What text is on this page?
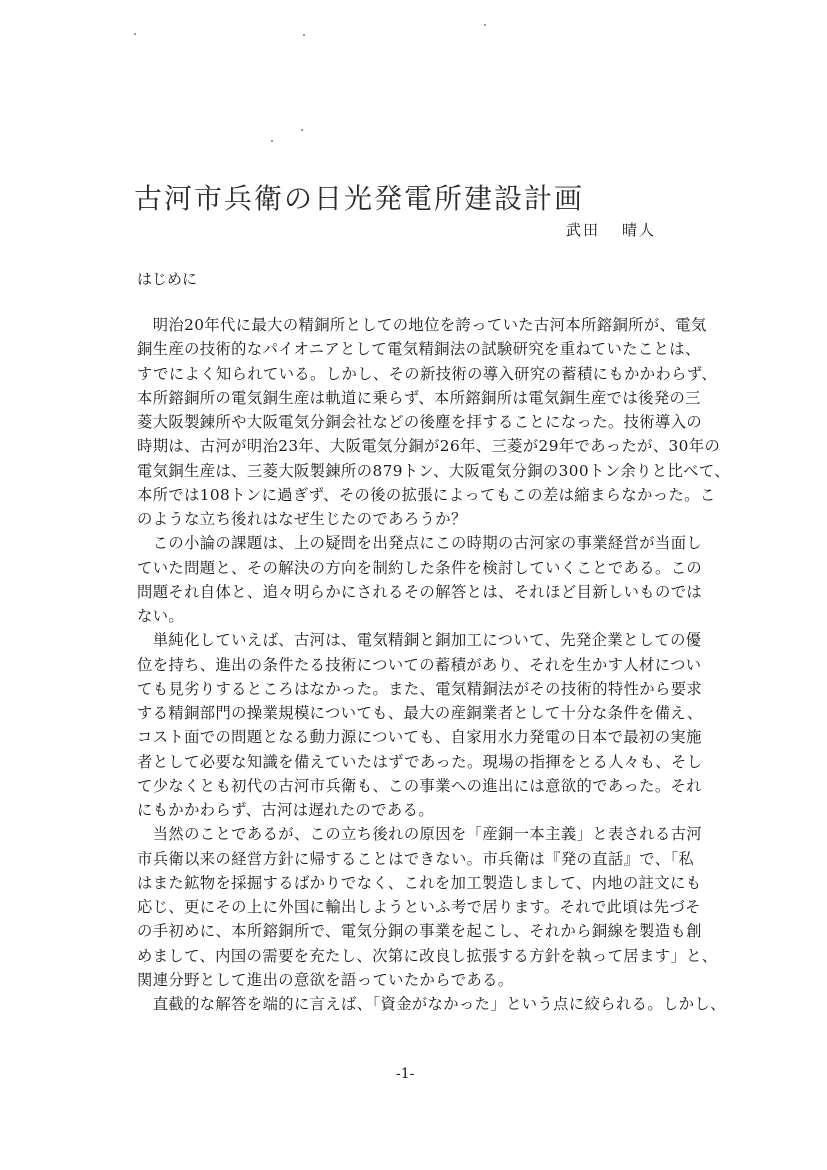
古河市兵衛の日光発電所建設計画
武田 晴人
はじめに
　明治20年代に最大の精銅所としての地位を誇っていた古河本所鎔銅所が、電気
銅生産の技術的なパイオニアとして電気精銅法の試験研究を重ねていたことは、
すでによく知られている。しかし、その新技術の導入研究の蓄積にもかかわらず、
本所鎔銅所の電気銅生産は軌道に乗らず、本所鎔銅所は電気銅生産では後発の三
菱大阪製錬所や大阪電気分銅会社などの後塵を拝することになった。技術導入の
時期は、古河が明治23年、大阪電気分銅が26年、三菱が29年であったが、30年の
電気銅生産は、三菱大阪製錬所の879トン、大阪電気分銅の300トン余りと比べて、
本所では108トンに過ぎず、その後の拡張によってもこの差は縮まらなかった。こ
のような立ち後れはなぜ生じたのであろうか？
　この小論の課題は、上の疑問を出発点にこの時期の古河家の事業経営が当面し
ていた問題と、その解決の方向を制約した条件を検討していくことである。この
問題それ自体と、追々明らかにされるその解答とは、それほど目新しいものでは
ない。
　単純化していえば、古河は、電気精銅と銅加工について、先発企業としての優
位を持ち、進出の条件たる技術についての蓄積があり、それを生かす人材につい
ても見劣りするところはなかった。また、電気精銅法がその技術的特性から要求
する精銅部門の操業規模についても、最大の産銅業者として十分な条件を備え、
コスト面での問題となる動力源についても、自家用水力発電の日本で最初の実施
者として必要な知識を備えていたはずであった。現場の指揮をとる人々も、そし
て少なくとも初代の古河市兵衛も、この事業への進出には意欲的であった。それ
にもかかわらず、古河は遅れたのである。
　当然のことであるが、この立ち後れの原因を「産銅一本主義」と表される古河
市兵衛以来の経営方針に帰することはできない。市兵衛は『発の直話』で、「私
はまた鉱物を採掘するばかりでなく、これを加工製造しまして、内地の註文にも
応じ、更にその上に外国に輸出しようといふ考で居ります。それで此頃は先づそ
の手初めに、本所鎔銅所で、電気分銅の事業を起こし、それから銅線を製造も創
めまして、内国の需要を充たし、次第に改良し拡張する方針を執って居ます」と、
関連分野として進出の意欲を語っていたからである。
　直截的な解答を端的に言えば、「資金がなかった」という点に絞られる。しかし、
-1-
